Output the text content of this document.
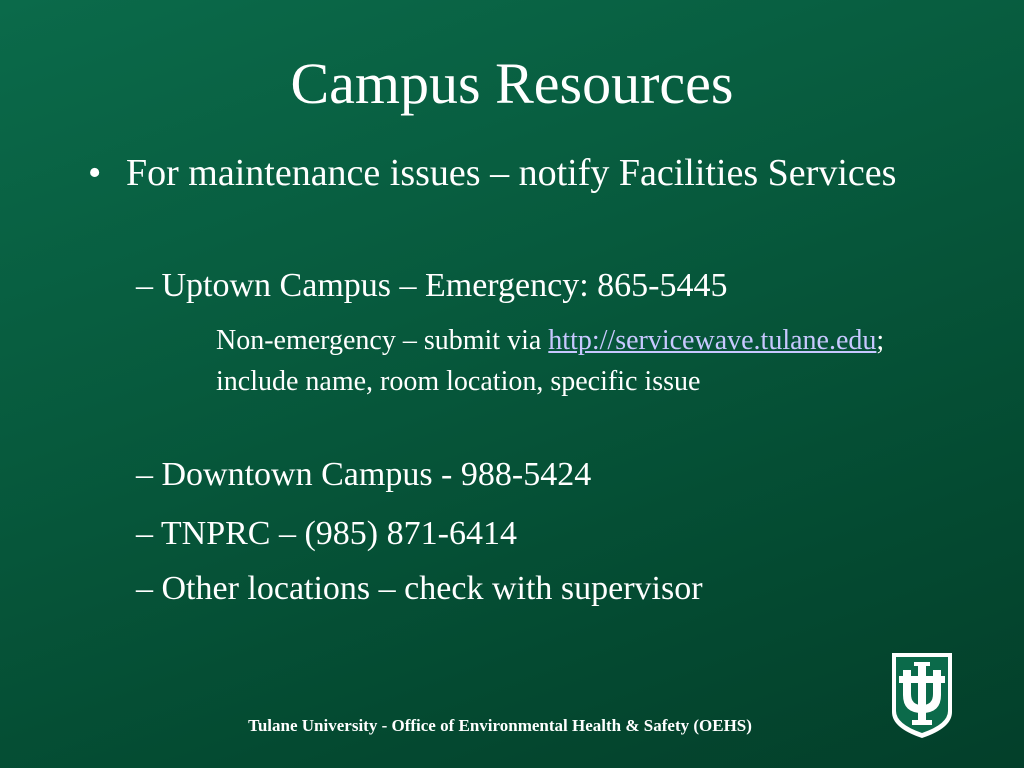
Campus Resources
• For maintenance issues – notify Facilities Services
– Uptown Campus – Emergency: 865-5445
Non-emergency – submit via http://servicewave.tulane.edu; include name, room location, specific issue
– Downtown Campus - 988-5424
– TNPRC – (985) 871-6414
– Other locations – check with supervisor
Tulane University - Office of Environmental Health & Safety (OEHS)
